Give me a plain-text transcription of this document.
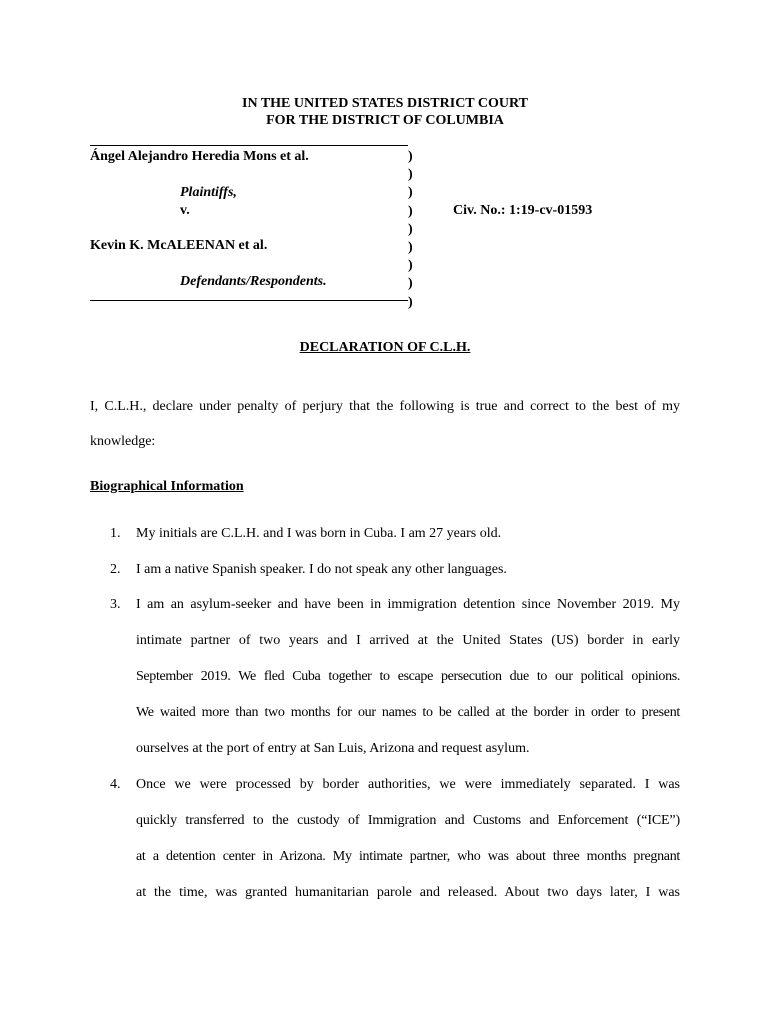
IN THE UNITED STATES DISTRICT COURT
FOR THE DISTRICT OF COLUMBIA
Ángel Alejandro Heredia Mons et al.
Plaintiffs,
v.
Kevin K. McALEENAN et al.
Defendants/Respondents.
)
)
)
)
)
)
)
)
)
Civ. No.: 1:19-cv-01593
DECLARATION OF C.L.H.
I, C.L.H., declare under penalty of perjury that the following is true and correct to the best of my
knowledge:
Biographical Information
1. My initials are C.L.H. and I was born in Cuba. I am 27 years old.
2. I am a native Spanish speaker. I do not speak any other languages.
3. I am an asylum-seeker and have been in immigration detention since November 2019. My
intimate partner of two years and I arrived at the United States (US) border in early
September 2019. We fled Cuba together to escape persecution due to our political opinions.
We waited more than two months for our names to be called at the border in order to present
ourselves at the port of entry at San Luis, Arizona and request asylum.
4. Once we were processed by border authorities, we were immediately separated. I was
quickly transferred to the custody of Immigration and Customs and Enforcement (“ICE”)
at a detention center in Arizona. My intimate partner, who was about three months pregnant
at the time, was granted humanitarian parole and released. About two days later, I was
